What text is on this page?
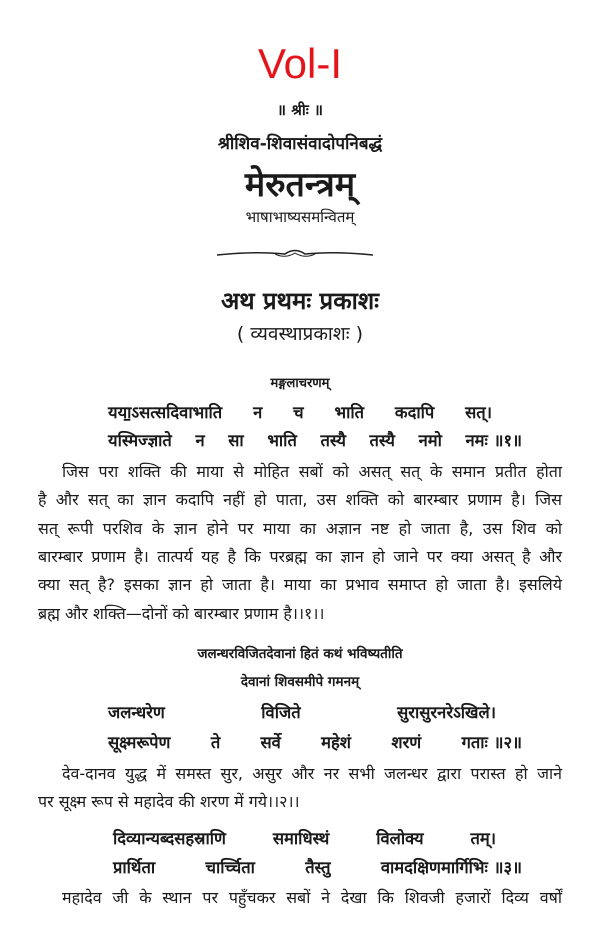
Vol-I
॥ श्रीः ॥
श्रीशिव-शिवासंवादोपनिबद्धं
मेरुतन्त्रम्
भाषाभाष्यसमन्वितम्
अथ प्रथमः प्रकाशः
( व्यवस्थाप्रकाशः )
मङ्गलाचरणम्
यया॒ऽसत्सदिवाभाति न च भाति कदापि सत्।
यस्मिज्ज्ञाते न सा भाति तस्यै तस्यै नमो नमः ॥१॥
जिस परा शक्ति की माया से मोहित सबों को असत् सत् के समान प्रतीत होता
है और सत् का ज्ञान कदापि नहीं हो पाता, उस शक्ति को बारम्बार प्रणाम है। जिस
सत् रूपी परशिव के ज्ञान होने पर माया का अज्ञान नष्ट हो जाता है, उस शिव को
बारम्बार प्रणाम है। तात्पर्य यह है कि परब्रह्म का ज्ञान हो जाने पर क्या असत् है और
क्या सत् है? इसका ज्ञान हो जाता है। माया का प्रभाव समाप्त हो जाता है। इसलिये
ब्रह्म और शक्ति—दोनों को बारम्बार प्रणाम है।।१।।
जलन्धरविजितदेवानां हितं कथं भविष्यतीति
देवानां शिवसमीपे गमनम्
जलन्धरेण	विजिते	सुरासुरनरेऽखिले।
सूक्ष्मरूपेण ते सर्वे महेशं शरणं गताः ॥२॥
देव-दानव युद्ध में समस्त सुर, असुर और नर सभी जलन्धर द्वारा परास्त हो जाने
पर सूक्ष्म रूप से महादेव की शरण में गये।।२।।
दिव्यान्यब्दसहस्राणि	समाधिस्थं	विलोक्य	तम्।
प्रार्थिता	चार्च्चिता	तैस्तु	वामदक्षिणमार्गिभिः ॥३॥
महादेव जी के स्थान पर पहुँचकर सबों ने देखा कि शिवजी हजारों दिव्य वर्षों
